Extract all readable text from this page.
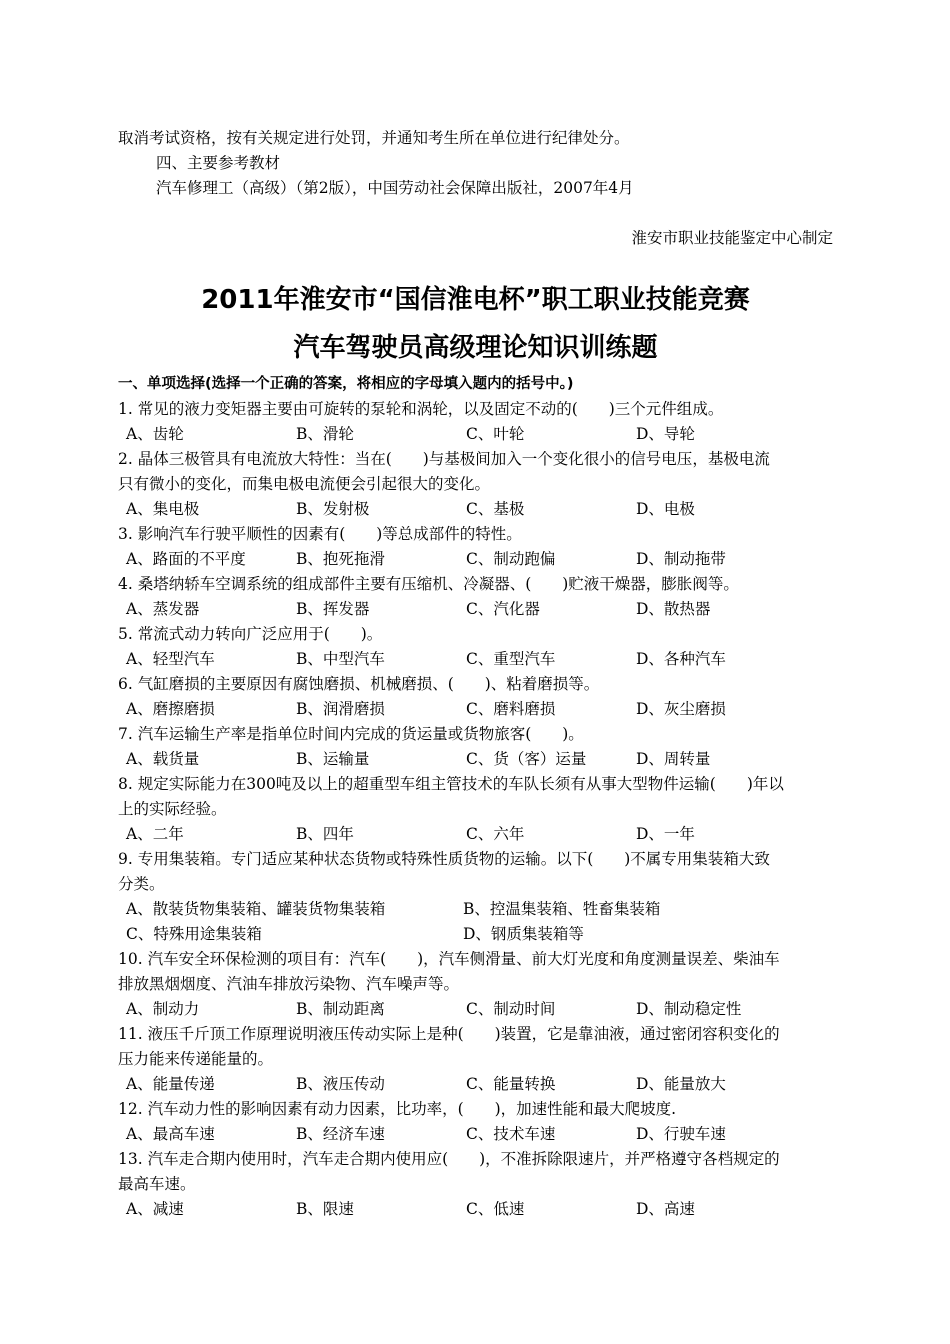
取消考试资格，按有关规定进行处罚，并通知考生所在单位进行纪律处分。
四、主要参考教材
汽车修理工（高级）（第2版），中国劳动社会保障出版社，2007年4月
淮安市职业技能鉴定中心制定
2011年淮安市“国信淮电杯”职工职业技能竞赛
汽车驾驶员高级理论知识训练题
一、单项选择(选择一个正确的答案，将相应的字母填入题内的括号中。)
1. 常见的液力变矩器主要由可旋转的泵轮和涡轮，以及固定不动的(　　)三个元件组成。
A、齿轮	B、滑轮	C、叶轮	D、导轮
2. 晶体三极管具有电流放大特性：当在(　　)与基极间加入一个变化很小的信号电压，基极电流
只有微小的变化，而集电极电流便会引起很大的变化。
A、集电极	B、发射极	C、基极	D、电极
3. 影响汽车行驶平顺性的因素有(　　)等总成部件的特性。
A、路面的不平度	B、抱死拖滑	C、制动跑偏	D、制动拖带
4. 桑塔纳轿车空调系统的组成部件主要有压缩机、冷凝器、(　　)贮液干燥器，膨胀阀等。
A、蒸发器	B、挥发器	C、汽化器	D、散热器
5. 常流式动力转向广泛应用于(　　)。
A、轻型汽车	B、中型汽车	C、重型汽车	D、各种汽车
6. 气缸磨损的主要原因有腐蚀磨损、机械磨损、(　　)、粘着磨损等。
A、磨擦磨损	B、润滑磨损	C、磨料磨损	D、灰尘磨损
7. 汽车运输生产率是指单位时间内完成的货运量或货物旅客(　　)。
A、载货量	B、运输量	C、货（客）运量	D、周转量
8. 规定实际能力在300吨及以上的超重型车组主管技术的车队长须有从事大型物件运输(　　)年以
上的实际经验。
A、二年	B、四年	C、六年	D、一年
9. 专用集装箱。专门适应某种状态货物或特殊性质货物的运输。以下(　　)不属专用集装箱大致
分类。
A、散装货物集装箱、罐装货物集装箱	B、控温集装箱、牲畜集装箱
C、特殊用途集装箱	D、钢质集装箱等
10. 汽车安全环保检测的项目有：汽车(　　)，汽车侧滑量、前大灯光度和角度测量误差、柴油车
排放黑烟烟度、汽油车排放污染物、汽车噪声等。
A、制动力	B、制动距离	C、制动时间	D、制动稳定性
11. 液压千斤顶工作原理说明液压传动实际上是种(　　)装置，它是靠油液，通过密闭容积变化的
压力能来传递能量的。
A、能量传递	B、液压传动	C、能量转换	D、能量放大
12. 汽车动力性的影响因素有动力因素，比功率，(　　)，加速性能和最大爬坡度.
A、最高车速	B、经济车速	C、技术车速	D、行驶车速
13. 汽车走合期内使用时，汽车走合期内使用应(　　)，不准拆除限速片，并严格遵守各档规定的
最高车速。
A、减速	B、限速	C、低速	D、高速
